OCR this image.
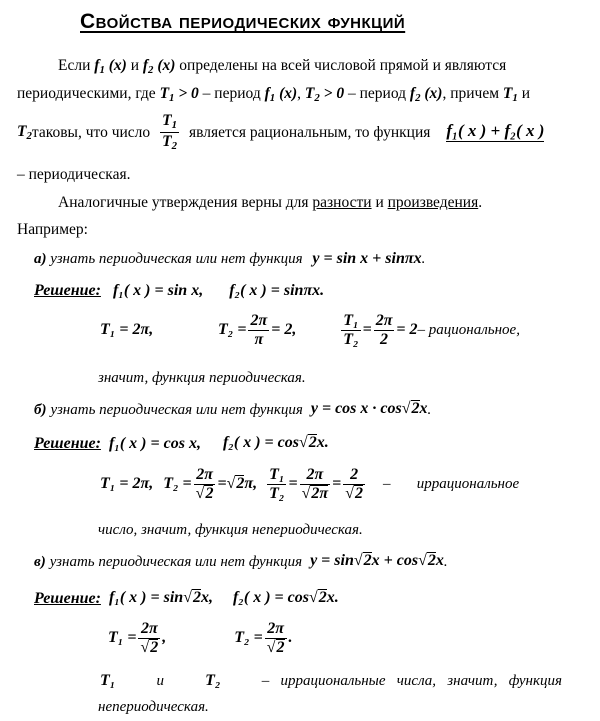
Свойства периодических функций
Если $f_1$ (x) и $f_2$ (x) определены на всей числовой прямой и являются
периодическими, где $T_1 > 0$ – период $f_1$ (x), $T_2 > 0$ – период $f_2$ (x), причем $T_1$ и
$T_2$ таковы, что число $\frac{T_1}{T_2}$ является рациональным, то функция f₁( x ) + f₂( x )
– периодическая.
Аналогичные утверждения верны для разности и произведения.
Например:
а) узнать периодическая или нет функция y = sin x + sinπx.
Решение: f₁( x ) = sin x, f₂( x ) = sinπx.
T₁ = 2π,	$T_2 = \frac{2\pi}{\pi} = 2$,	$\frac{\text{T₁}}{\text{T₂}} = \frac{2\pi}{2} = 2$ – рациональное,
значит, функция периодическая.
б) узнать периодическая или нет функция y = cos x · cos√2x .
Решение: f₁( x ) = cos x, f₂( x ) = cos√2x.
T₁ = 2π, $T_2 = \frac{2\pi}{√2} =√2\pi$, $\frac{\text{T₁}}{\text{T₂}} = \frac{2\pi}{√2\pi} = \frac{2}{√2}$ –       иррациональное
число, значит, функция непериодическая.
в) узнать периодическая или нет функция y = sin√2x + cos√2x .
Решение: f₁( x ) = sin√2x, f₂( x ) = cos√2x.
$T_1 = \frac{2\pi}{√2}$ ,	$T_2 = \frac{2\pi}{√2}$ .
T₁	и	T₂	–   иррациональные   числа,   значит,   функция
непериодическая.
